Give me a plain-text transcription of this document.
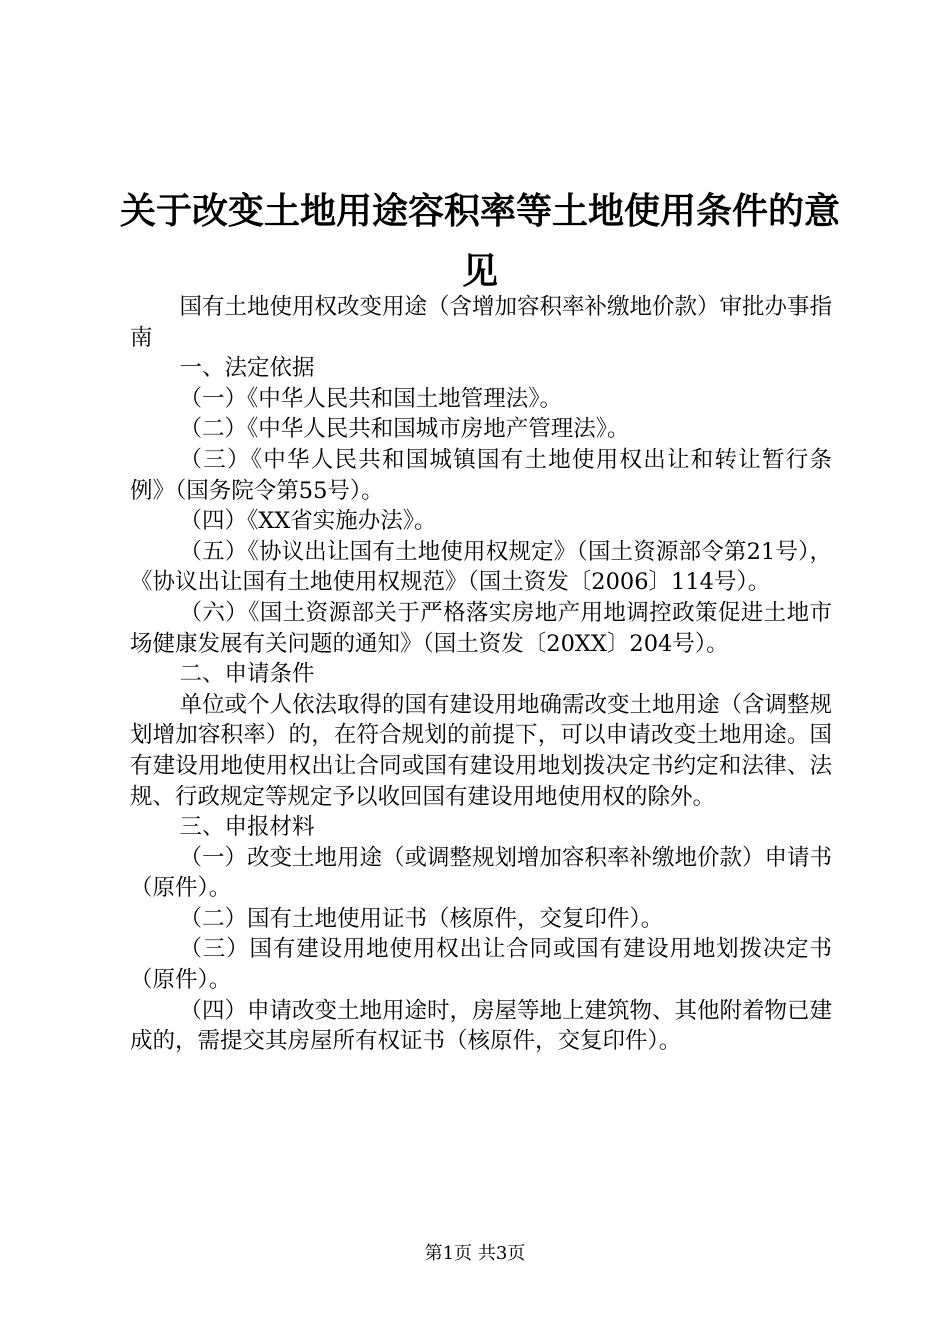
关于改变土地用途容积率等土地使用条件的意
见

国有土地使用权改变用途（含增加容积率补缴地价款）审批办事指南

一、法定依据

（一）《中华人民共和国土地管理法》。

（二）《中华人民共和国城市房地产管理法》。

（三）《中华人民共和国城镇国有土地使用权出让和转让暂行条例》（国务院令第55号）。

（四）《XX省实施办法》。

（五）《协议出让国有土地使用权规定》（国土资源部令第21号），《协议出让国有土地使用权规范》（国土资发〔2006〕114号）。

（六）《国土资源部关于严格落实房地产用地调控政策促进土地市场健康发展有关问题的通知》（国土资发〔20XX〕204号）。

二、申请条件

单位或个人依法取得的国有建设用地确需改变土地用途（含调整规划增加容积率）的，在符合规划的前提下，可以申请改变土地用途。国有建设用地使用权出让合同或国有建设用地划拨决定书约定和法律、法规、行政规定等规定予以收回国有建设用地使用权的除外。

三、申报材料

（一）改变土地用途（或调整规划增加容积率补缴地价款）申请书（原件）。

（二）国有土地使用证书（核原件，交复印件）。

（三）国有建设用地使用权出让合同或国有建设用地划拨决定书（原件）。

（四）申请改变土地用途时，房屋等地上建筑物、其他附着物已建成的，需提交其房屋所有权证书（核原件，交复印件）。

第1页 共3页
